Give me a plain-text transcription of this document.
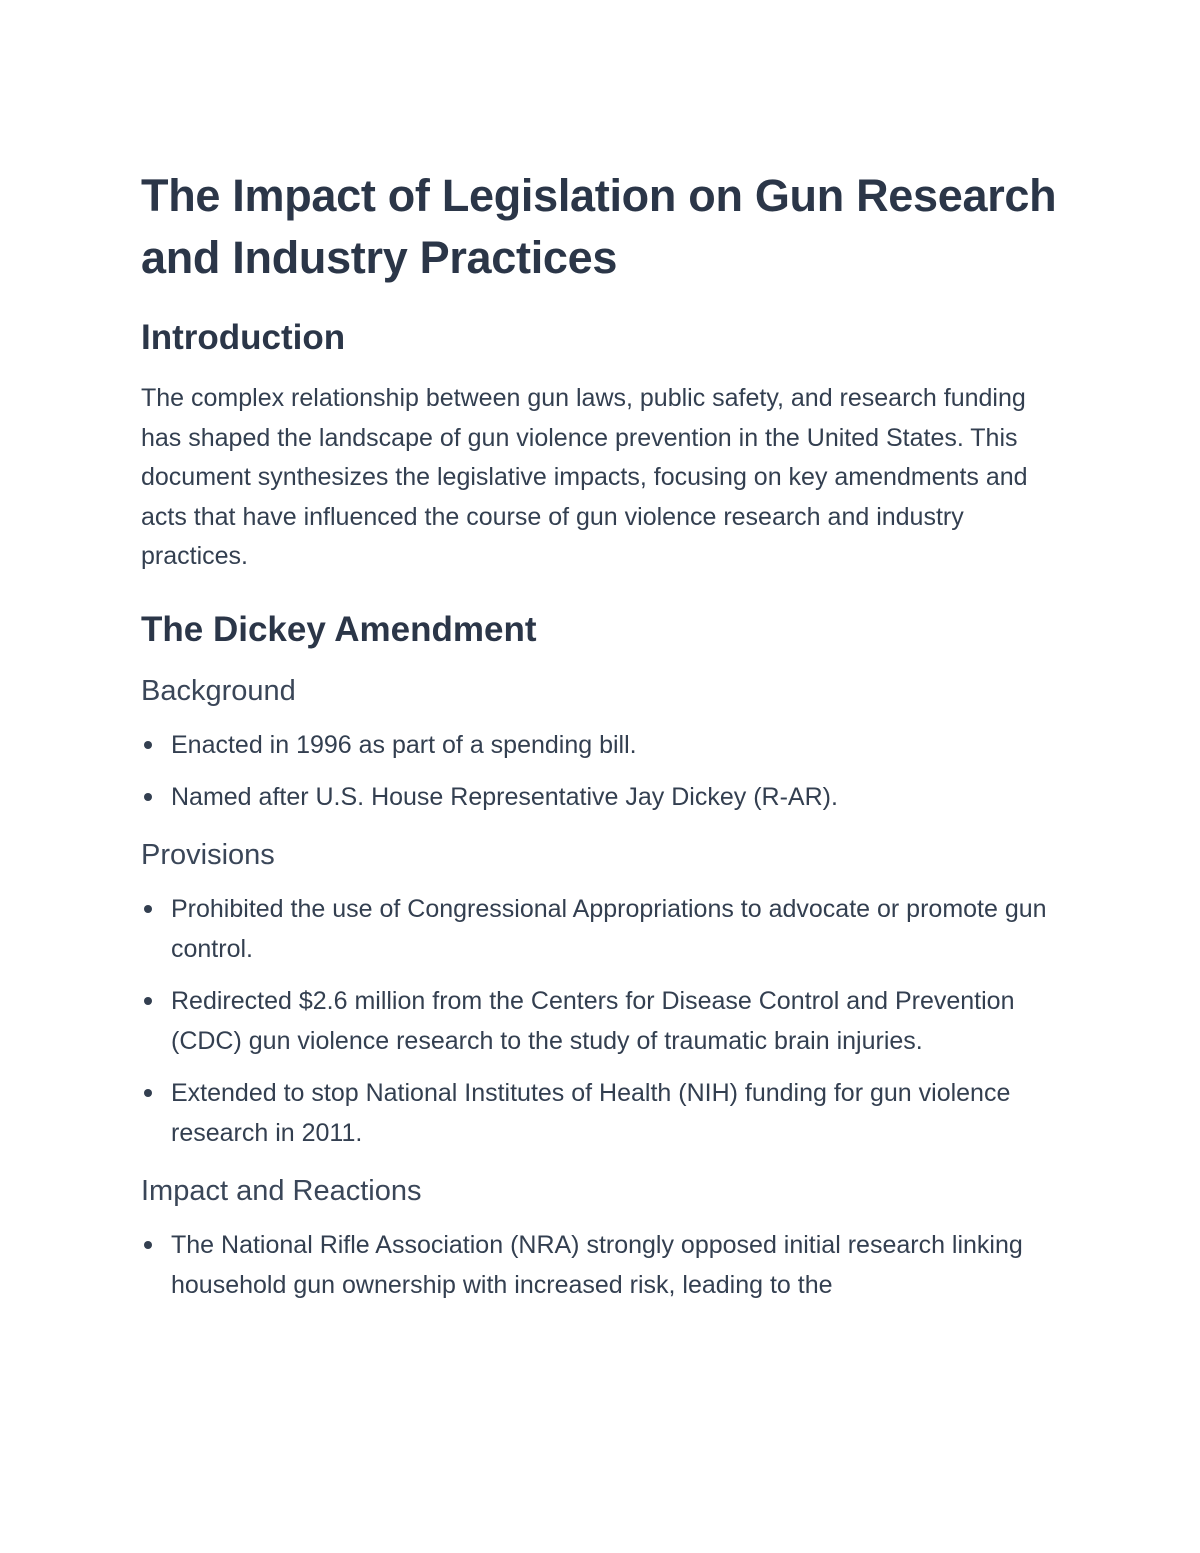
The Impact of Legislation on Gun Research and Industry Practices
Introduction

The complex relationship between gun laws, public safety, and research funding has shaped the landscape of gun violence prevention in the United States. This document synthesizes the legislative impacts, focusing on key amendments and acts that have influenced the course of gun violence research and industry practices.

The Dickey Amendment
Background
Enacted in 1996 as part of a spending bill.
Named after U.S. House Representative Jay Dickey (R-AR).
Provisions
Prohibited the use of Congressional Appropriations to advocate or promote gun control.
Redirected $2.6 million from the Centers for Disease Control and Prevention (CDC) gun violence research to the study of traumatic brain injuries.
Extended to stop National Institutes of Health (NIH) funding for gun violence research in 2011.
Impact and Reactions
The National Rifle Association (NRA) strongly opposed initial research linking household gun ownership with increased risk, leading to the
